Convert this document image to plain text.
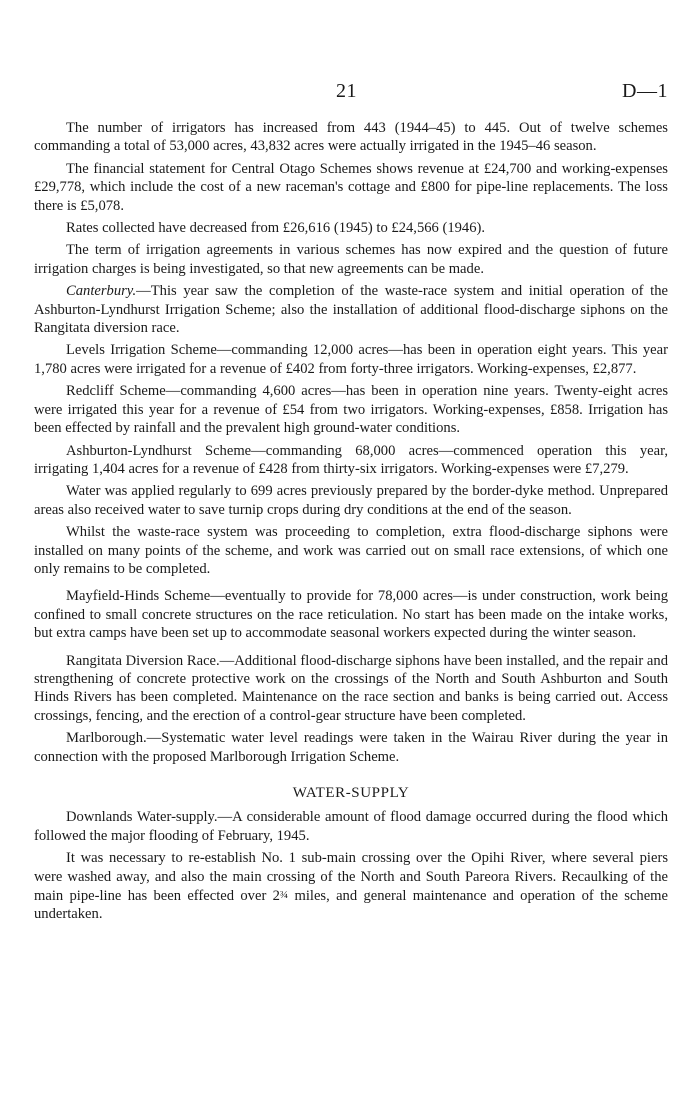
21	D—1

The number of irrigators has increased from 443 (1944–45) to 445. Out of twelve schemes commanding a total of 53,000 acres, 43,832 acres were actually irrigated in the 1945–46 season.

The financial statement for Central Otago Schemes shows revenue at £24,700 and working-expenses £29,778, which include the cost of a new raceman's cottage and £800 for pipe-line replacements. The loss there is £5,078.

Rates collected have decreased from £26,616 (1945) to £24,566 (1946).

The term of irrigation agreements in various schemes has now expired and the question of future irrigation charges is being investigated, so that new agreements can be made.

Canterbury.—This year saw the completion of the waste-race system and initial operation of the Ashburton-Lyndhurst Irrigation Scheme; also the installation of additional flood-discharge siphons on the Rangitata diversion race.

Levels Irrigation Scheme—commanding 12,000 acres—has been in operation eight years. This year 1,780 acres were irrigated for a revenue of £402 from forty-three irrigators. Working-expenses, £2,877.

Redcliff Scheme—commanding 4,600 acres—has been in operation nine years. Twenty-eight acres were irrigated this year for a revenue of £54 from two irrigators. Working-expenses, £858. Irrigation has been effected by rainfall and the prevalent high ground-water conditions.

Ashburton-Lyndhurst Scheme—commanding 68,000 acres—commenced operation this year, irrigating 1,404 acres for a revenue of £428 from thirty-six irrigators. Working-expenses were £7,279.

Water was applied regularly to 699 acres previously prepared by the border-dyke method. Unprepared areas also received water to save turnip crops during dry conditions at the end of the season.

Whilst the waste-race system was proceeding to completion, extra flood-discharge siphons were installed on many points of the scheme, and work was carried out on small race extensions, of which one only remains to be completed.

Mayfield-Hinds Scheme—eventually to provide for 78,000 acres—is under construction, work being confined to small concrete structures on the race reticulation. No start has been made on the intake works, but extra camps have been set up to accommodate seasonal workers expected during the winter season.

Rangitata Diversion Race.—Additional flood-discharge siphons have been installed, and the repair and strengthening of concrete protective work on the crossings of the North and South Ashburton and South Hinds Rivers has been completed. Maintenance on the race section and banks is being carried out. Access crossings, fencing, and the erection of a control-gear structure have been completed.

Marlborough.—Systematic water level readings were taken in the Wairau River during the year in connection with the proposed Marlborough Irrigation Scheme.

WATER-SUPPLY

Downlands Water-supply.—A considerable amount of flood damage occurred during the flood which followed the major flooding of February, 1945.

It was necessary to re-establish No. 1 sub-main crossing over the Opihi River, where several piers were washed away, and also the main crossing of the North and South Pareora Rivers. Recaulking of the main pipe-line has been effected over 2¾ miles, and general maintenance and operation of the scheme undertaken.
